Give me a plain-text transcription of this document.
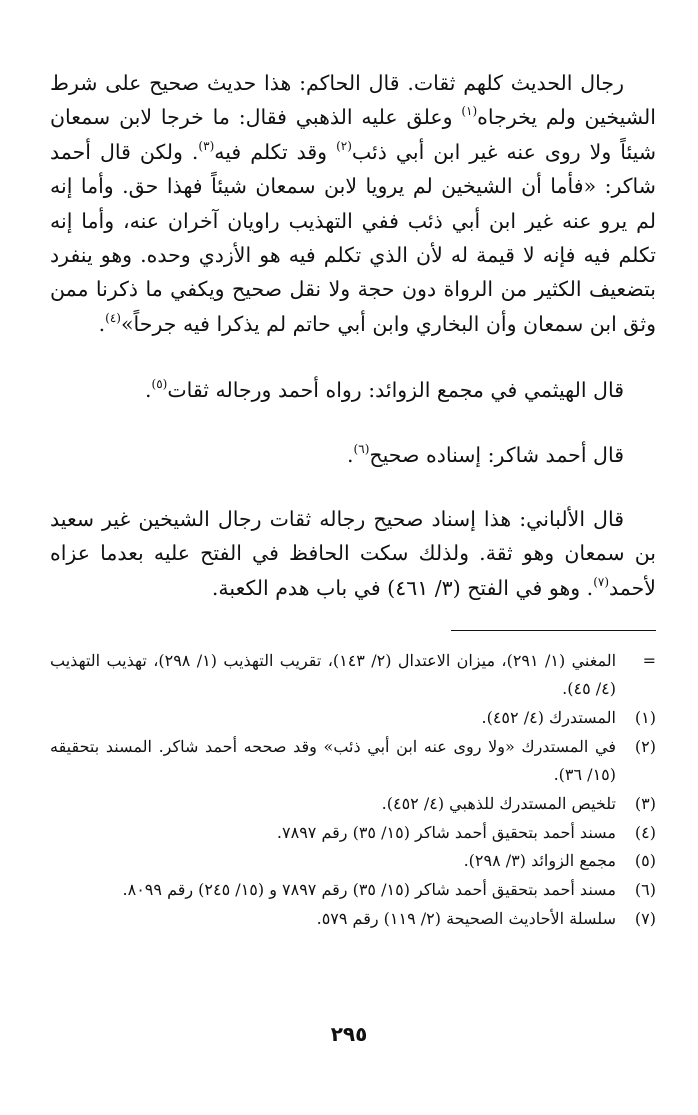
رجال الحديث كلهم ثقات. قال الحاكم: هذا حديث صحيح على شرط الشيخين ولم يخرجاه$^{(١)}$ وعلق عليه الذهبي فقال: ما خرجا لابن سمعان شيئاً ولا روى عنه غير ابن أبي ذئب$^{(٢)}$ وقد تكلم فيه$^{(٣)}$. ولكن قال أحمد شاكر: «فأما أن الشيخين لم يرويا لابن سمعان شيئاً فهذا حق. وأما إنه لم يرو عنه غير ابن أبي ذئب ففي التهذيب راويان آخران عنه، وأما إنه تكلم فيه فإنه لا قيمة له لأن الذي تكلم فيه هو الأزدي وحده. وهو ينفرد بتضعيف الكثير من الرواة دون حجة ولا نقل صحيح ويكفي ما ذكرنا ممن وثق ابن سمعان وأن البخاري وابن أبي حاتم لم يذكرا فيه جرحاً»$^{(٤)}$.

قال الهيثمي في مجمع الزوائد: رواه أحمد ورجاله ثقات$^{(٥)}$.

قال أحمد شاكر: إسناده صحيح$^{(٦)}$.

قال الألباني: هذا إسناد صحيح رجاله ثقات رجال الشيخين غير سعيد بن سمعان وهو ثقة. ولذلك سكت الحافظ في الفتح عليه بعدما عزاه لأحمد$^{(٧)}$. وهو في الفتح (٣/ ٤٦١) في باب هدم الكعبة.

=
المغني (١/ ٢٩١)، ميزان الاعتدال (٢/ ١٤٣)، تقريب التهذيب (١/ ٢٩٨)، تهذيب التهذيب (٤/ ٤٥).
(١)
المستدرك (٤/ ٤٥٢).
(٢)
في المستدرك «ولا روى عنه ابن أبي ذئب» وقد صححه أحمد شاكر. المسند بتحقيقه (١٥/ ٣٦).
(٣)
تلخيص المستدرك للذهبي (٤/ ٤٥٢).
(٤)
مسند أحمد بتحقيق أحمد شاكر (١٥/ ٣٥) رقم ٧٨٩٧.
(٥)
مجمع الزوائد (٣/ ٢٩٨).
(٦)
مسند أحمد بتحقيق أحمد شاكر (١٥/ ٣٥) رقم ٧٨٩٧ و (١٥/ ٢٤٥) رقم ٨٠٩٩.
(٧)
سلسلة الأحاديث الصحيحة (٢/ ١١٩) رقم ٥٧٩.
٢٩٥
